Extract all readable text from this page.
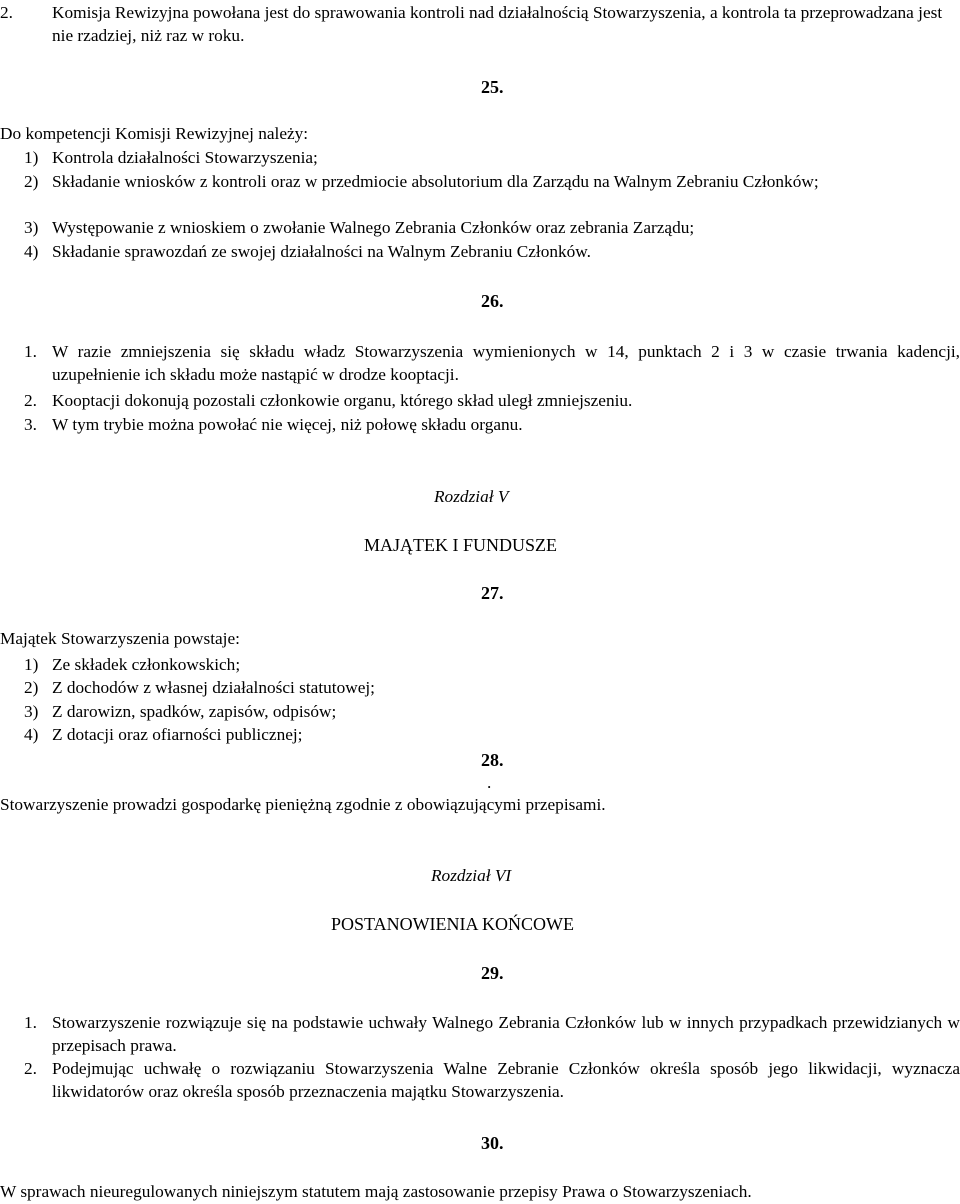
2. Komisja Rewizyjna powołana jest do sprawowania kontroli nad działalnością Stowarzyszenia, a kontrola ta przeprowadzana jest nie rzadziej, niż raz w roku.
25.
Do kompetencji Komisji Rewizyjnej należy:
1) Kontrola działalności Stowarzyszenia;
2) Składanie wniosków z kontroli oraz w przedmiocie absolutorium dla Zarządu na Walnym Zebraniu Członków;
3) Występowanie z wnioskiem o zwołanie Walnego Zebrania Członków oraz zebrania Zarządu;
4) Składanie sprawozdań ze swojej działalności na Walnym Zebraniu Członków.
26.
1. W razie zmniejszenia się składu władz Stowarzyszenia wymienionych w 14, punktach 2 i 3 w czasie trwania kadencji, uzupełnienie ich składu może nastąpić w drodze kooptacji.
2. Kooptacji dokonują pozostali członkowie organu, którego skład uległ zmniejszeniu.
3. W tym trybie można powołać nie więcej, niż połowę składu organu.
Rozdział V
MAJĄTEK I FUNDUSZE
27.
Majątek Stowarzyszenia powstaje:
1) Ze składek członkowskich;
2) Z dochodów z własnej działalności statutowej;
3) Z darowizn, spadków, zapisów, odpisów;
4) Z dotacji oraz ofiarności publicznej;
28.
.
Stowarzyszenie prowadzi gospodarkę pieniężną zgodnie z obowiązującymi przepisami.
Rozdział VI
POSTANOWIENIA KOŃCOWE
29.
1. Stowarzyszenie rozwiązuje się na podstawie uchwały Walnego Zebrania Członków lub w innych przypadkach przewidzianych w przepisach prawa.
2. Podejmując uchwałę o rozwiązaniu Stowarzyszenia Walne Zebranie Członków określa sposób jego likwidacji, wyznacza likwidatorów oraz określa sposób przeznaczenia majątku Stowarzyszenia.
30.
W sprawach nieuregulowanych niniejszym statutem mają zastosowanie przepisy Prawa o Stowarzyszeniach.
